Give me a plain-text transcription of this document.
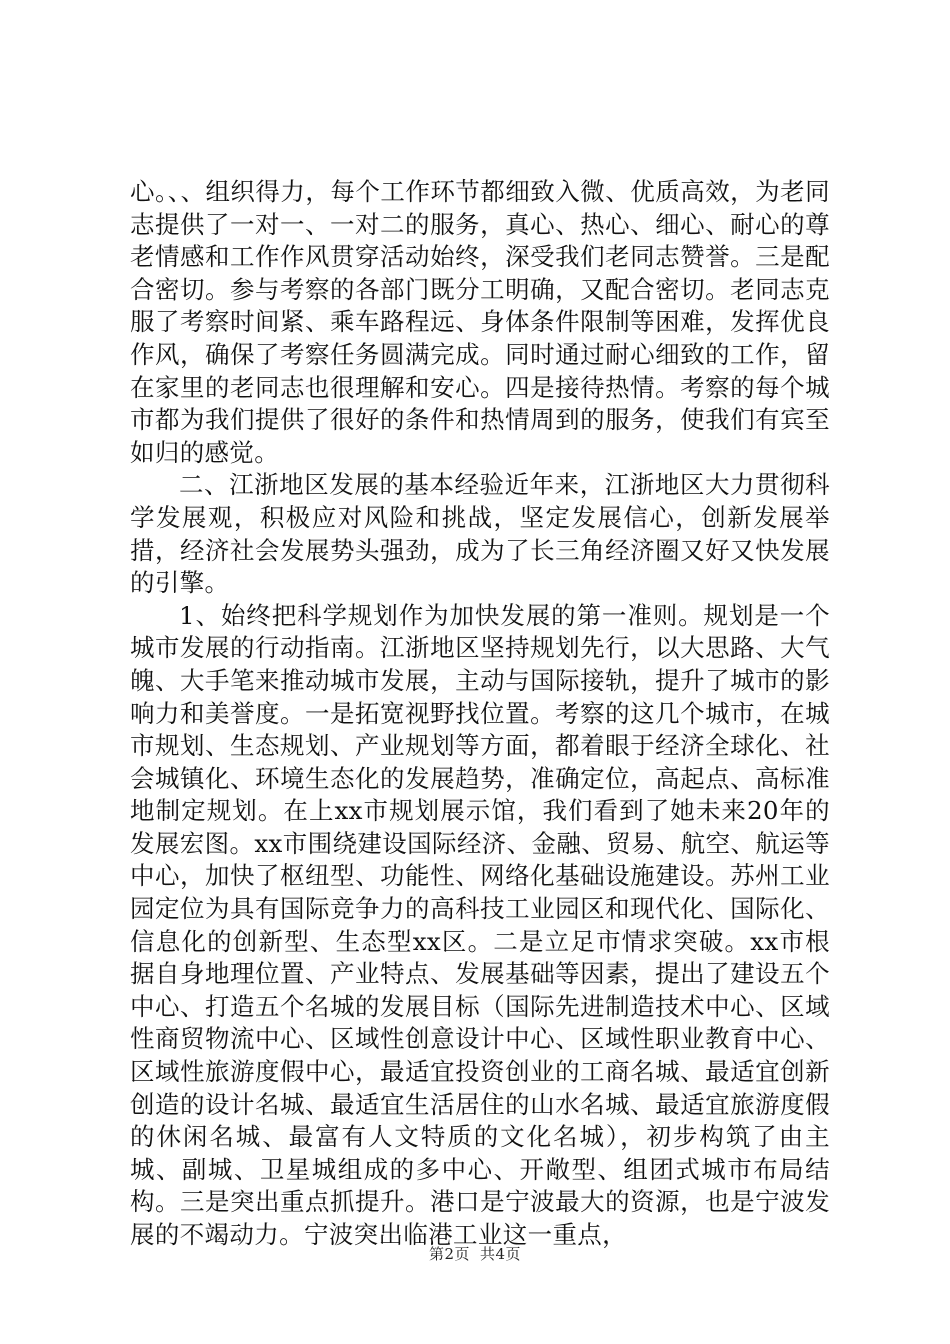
心。、、组织得力，每个工作环节都细致入微、优质高效，为老同志提供了一对一、一对二的服务，真心、热心、细心、耐心的尊老情感和工作作风贯穿活动始终，深受我们老同志赞誉。三是配合密切。参与考察的各部门既分工明确，又配合密切。老同志克服了考察时间紧、乘车路程远、身体条件限制等困难，发挥优良作风，确保了考察任务圆满完成。同时通过耐心细致的工作，留在家里的老同志也很理解和安心。四是接待热情。考察的每个城市都为我们提供了很好的条件和热情周到的服务，使我们有宾至如归的感觉。

二、江浙地区发展的基本经验近年来，江浙地区大力贯彻科学发展观，积极应对风险和挑战，坚定发展信心，创新发展举措，经济社会发展势头强劲，成为了长三角经济圈又好又快发展的引擎。

1、始终把科学规划作为加快发展的第一准则。规划是一个城市发展的行动指南。江浙地区坚持规划先行，以大思路、大气魄、大手笔来推动城市发展，主动与国际接轨，提升了城市的影响力和美誉度。一是拓宽视野找位置。考察的这几个城市，在城市规划、生态规划、产业规划等方面，都着眼于经济全球化、社会城镇化、环境生态化的发展趋势，准确定位，高起点、高标准地制定规划。在上xx市规划展示馆，我们看到了她未来20年的发展宏图。xx市围绕建设国际经济、金融、贸易、航空、航运等中心，加快了枢纽型、功能性、网络化基础设施建设。苏州工业园定位为具有国际竞争力的高科技工业园区和现代化、国际化、信息化的创新型、生态型xx区。二是立足市情求突破。xx市根据自身地理位置、产业特点、发展基础等因素，提出了建设五个中心、打造五个名城的发展目标（国际先进制造技术中心、区域性商贸物流中心、区域性创意设计中心、区域性职业教育中心、区域性旅游度假中心，最适宜投资创业的工商名城、最适宜创新创造的设计名城、最适宜生活居住的山水名城、最适宜旅游度假的休闲名城、最富有人文特质的文化名城），初步构筑了由主城、副城、卫星城组成的多中心、开敞型、组团式城市布局结构。三是突出重点抓提升。港口是宁波最大的资源，也是宁波发展的不竭动力。宁波突出临港工业这一重点，

第2页 共4页
